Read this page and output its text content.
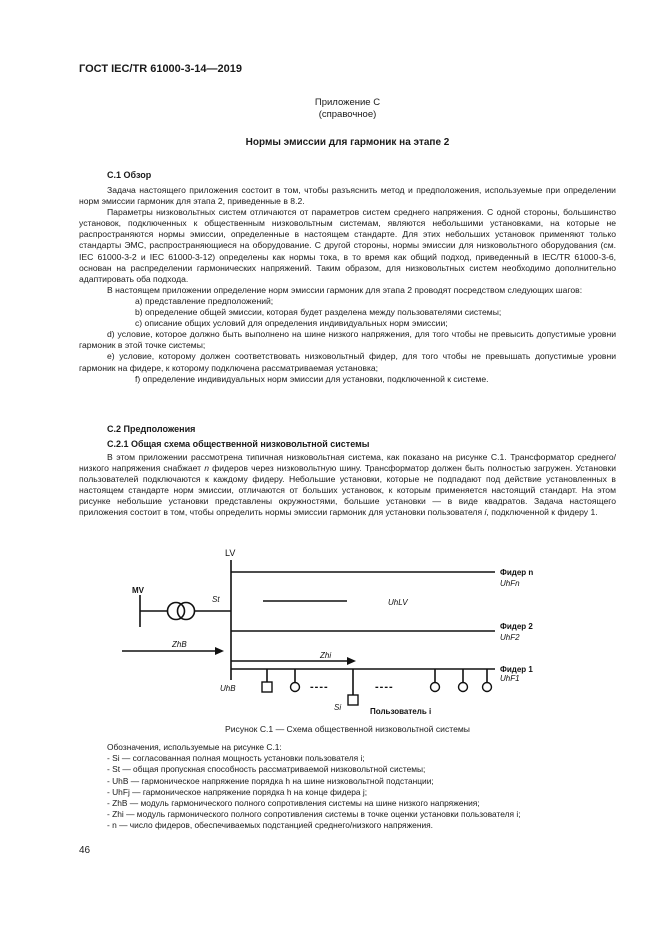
ГОСТ IEC/TR 61000-3-14—2019
Приложение С
(справочное)
Нормы эмиссии для гармоник на этапе 2
С.1 Обзор

Задача настоящего приложения состоит в том, чтобы разъяснить метод и предположения, используемые при определении норм эмиссии гармоник для этапа 2, приведенные в 8.2.

Параметры низковольтных систем отличаются от параметров систем среднего напряжения. С одной стороны, большинство установок, подключенных к общественным низковольтным системам, являются небольшими установками, на которые не распространяются нормы эмиссии, определенные в настоящем стандарте. Для этих небольших установок применяют только стандарты ЭМС, распространяющиеся на оборудование. С другой стороны, нормы эмиссии для низковольтного оборудования (см. IEC 61000-3-2 и IEC 61000-3-12) определены как нормы тока, в то время как общий подход, приведенный в IEC/TR 61000-3-6, основан на распределении гармонических напряжений. Таким образом, для низковольтных систем необходимо дополнительно адаптировать оба подхода.

В настоящем приложении определение норм эмиссии гармоник для этапа 2 проводят посредством следующих шагов:

a) представление предположений;

b) определение общей эмиссии, которая будет разделена между пользователями системы;

c) описание общих условий для определения индивидуальных норм эмиссии;

d) условие, которое должно быть выполнено на шине низкого напряжения, для того чтобы не превысить допустимые уровни гармоник в этой точке системы;

e) условие, которому должен соответствовать низковольтный фидер, для того чтобы не превышать допустимые уровни гармоник на фидере, к которому подключена рассматриваемая установка;

f) определение индивидуальных норм эмиссии для установки, подключенной к системе.

С.2 Предположения
С.2.1 Общая схема общественной низковольтной системы

В этом приложении рассмотрена типичная низковольтная система, как показано на рисунке С.1. Трансформатор среднего/низкого напряжения снабжает n фидеров через низковольтную шину. Трансформатор должен быть полностью загружен. Установки пользователей подключаются к каждому фидеру. Небольшие установки, которые не подпадают под действие установленных в настоящем стандарте норм эмиссии, отличаются от больших установок, к которым применяется настоящий стандарт. На этом рисунке небольшие установки представлены окружностями, большие установки — в виде квадратов. Задача настоящего приложения состоит в том, чтобы определить нормы эмиссии гармоник для установки пользователя i, подключенной к фидеру 1.

LV
MV
Фидер n
Фидер 2
Фидер 1
Пользователь i
----	----
UhFn
UhF2
UhF1
UhLV
UhB
ZhB
Zhi
St
Si
Рисунок С.1 — Схема общественной низковольтной системы
Обозначения, используемые на рисунке С.1:
- Si — согласованная полная мощность установки пользователя i;
- St — общая пропускная способность рассматриваемой низковольтной системы;
- UhB — гармоническое напряжение порядка h на шине низковольтной подстанции;
- UhFj — гармоническое напряжение порядка h на конце фидера j;
- ZhB — модуль гармонического полного сопротивления системы на шине низкого напряжения;
- Zhi — модуль гармонического полного сопротивления системы в точке оценки установки пользователя i;
- n — число фидеров, обеспечиваемых подстанцией среднего/низкого напряжения.
46
